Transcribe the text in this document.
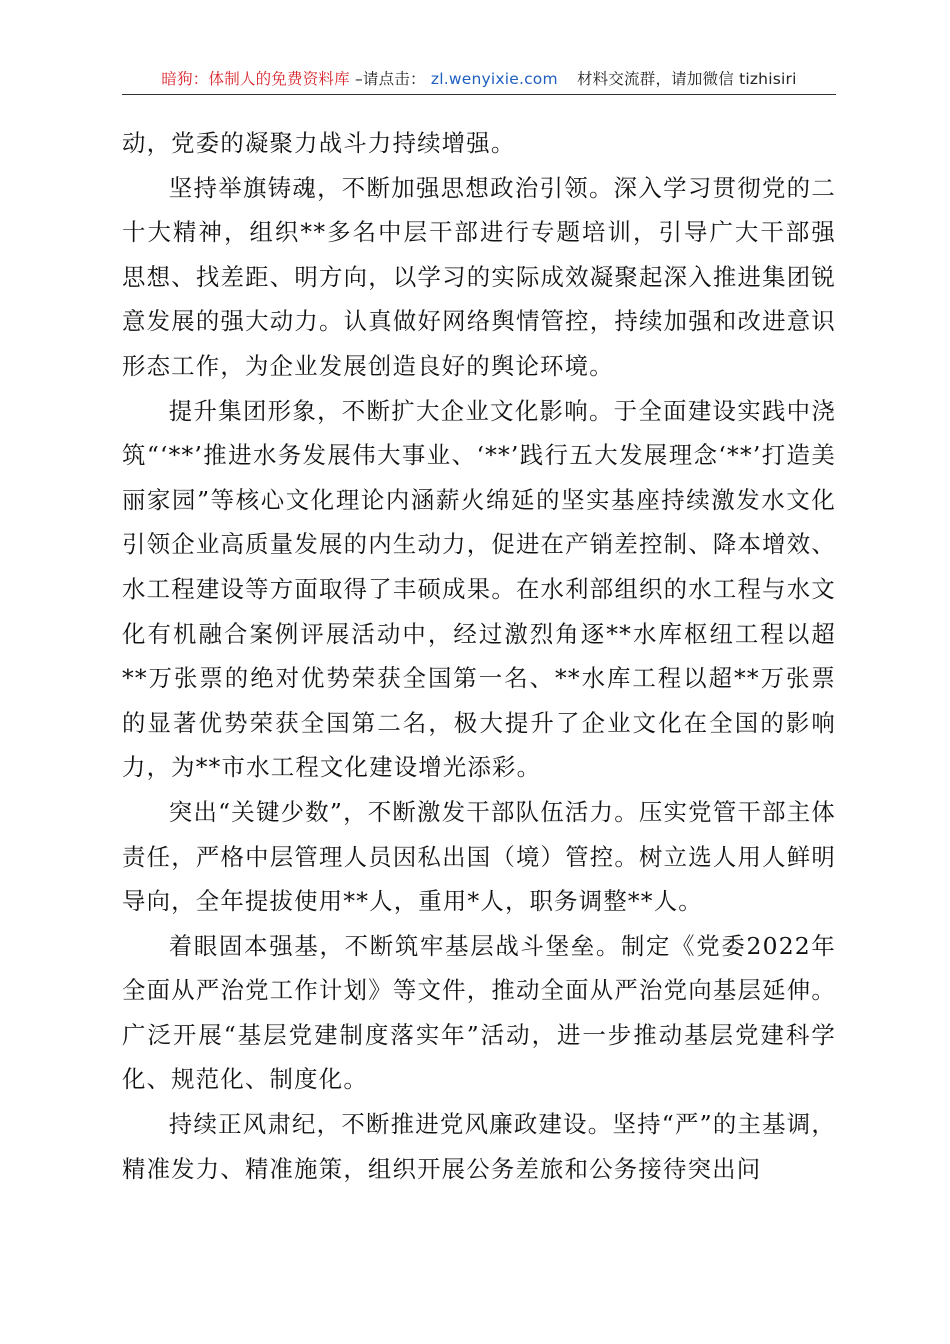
暗狗：体制人的免费资料库 –请点击： zl.wenyixie.com 材料交流群，请加微信 tizhisiri

动，党委的凝聚力战斗力持续增强。

坚持举旗铸魂，不断加强思想政治引领。深入学习贯彻党的二十大精神，组织**多名中层干部进行专题培训，引导广大干部强思想、找差距、明方向，以学习的实际成效凝聚起深入推进集团锐意发展的强大动力。认真做好网络舆情管控，持续加强和改进意识形态工作，为企业发展创造良好的舆论环境。

提升集团形象，不断扩大企业文化影响。于全面建设实践中浇筑“‘**’推进水务发展伟大事业、‘**’践行五大发展理念‘**’打造美丽家园”等核心文化理论内涵薪火绵延的坚实基座持续激发水文化引领企业高质量发展的内生动力，促进在产销差控制、降本增效、水工程建设等方面取得了丰硕成果。在水利部组织的水工程与水文化有机融合案例评展活动中，经过激烈角逐**水库枢纽工程以超**万张票的绝对优势荣获全国第一名、**水库工程以超**万张票的显著优势荣获全国第二名，极大提升了企业文化在全国的影响力，为**市水工程文化建设增光添彩。

突出“关键少数”，不断激发干部队伍活力。压实党管干部主体责任，严格中层管理人员因私出国（境）管控。树立选人用人鲜明导向，全年提拔使用**人，重用*人，职务调整**人。

着眼固本强基，不断筑牢基层战斗堡垒。制定《党委2022年全面从严治党工作计划》等文件，推动全面从严治党向基层延伸。广泛开展“基层党建制度落实年”活动，进一步推动基层党建科学化、规范化、制度化。

持续正风肃纪，不断推进党风廉政建设。坚持“严”的主基调，精准发力、精准施策，组织开展公务差旅和公务接待突出问
